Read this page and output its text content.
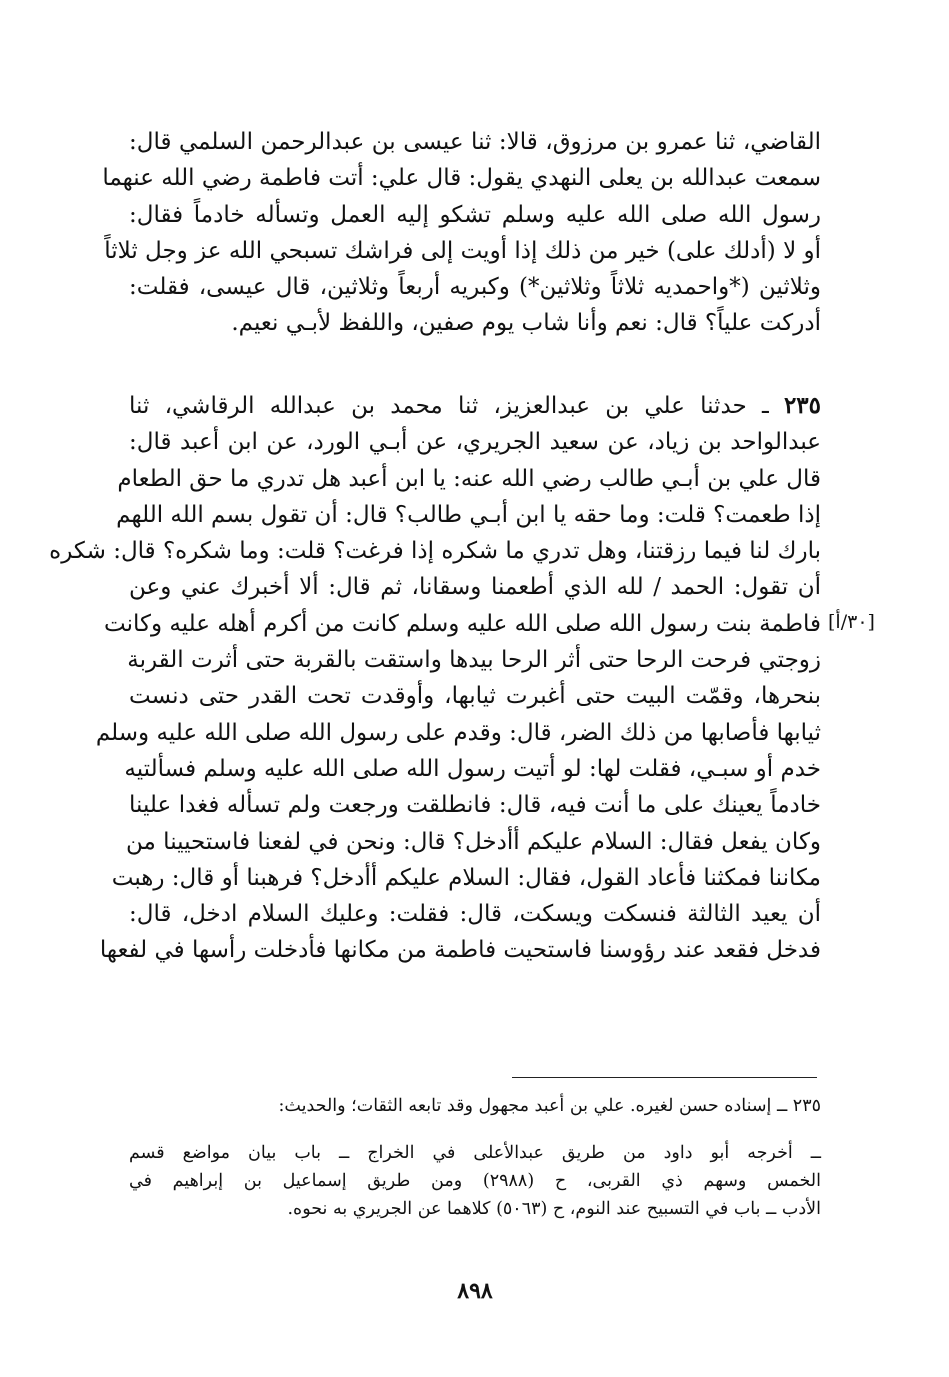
القاضي، ثنا عمرو بن مرزوق، قالا: ثنا عيسى بن عبدالرحمن السلمي قال:
سمعت عبدالله بن يعلى النهدي يقول: قال علي: أتت فاطمة رضي الله عنهما
رسول الله صلى الله عليه وسلم تشكو إليه العمل وتسأله خادماً فقال:
أو لا (أدلك على) خير من ذلك إذا أويت إلى فراشك تسبحي الله عز وجل ثلاثاً
وثلاثين (*واحمديه ثلاثاً وثلاثين*) وكبريه أربعاً وثلاثين، قال عيسى، فقلت:
أدركت علياً؟ قال: نعم وأنا شاب يوم صفين، واللفظ لأبـي نعيم.
٢٣٥ ـ حدثنا علي بن عبدالعزيز، ثنا محمد بن عبدالله الرقاشي، ثنا
عبدالواحد بن زياد، عن سعيد الجريري، عن أبـي الورد، عن ابن أعبد قال:
قال علي بن أبـي طالب رضي الله عنه: يا ابن أعبد هل تدري ما حق الطعام
إذا طعمت؟ قلت: وما حقه يا ابن أبـي طالب؟ قال: أن تقول بسم الله اللهم
بارك لنا فيما رزقتنا، وهل تدري ما شكره إذا فرغت؟ قلت: وما شكره؟ قال: شكره
أن تقول: الحمد / لله الذي أطعمنا وسقانا، ثم قال: ألا أخبرك عني وعن
فاطمة بنت رسول الله صلى الله عليه وسلم كانت من أكرم أهله عليه وكانت
زوجتي فرحت الرحا حتى أثر الرحا بيدها واستقت بالقربة حتى أثرت القربة
بنحرها، وقمّت البيت حتى أغبرت ثيابها، وأوقدت تحت القدر حتى دنست
ثيابها فأصابها من ذلك الضر، قال: وقدم على رسول الله صلى الله عليه وسلم
خدم أو سبـي، فقلت لها: لو أتيت رسول الله صلى الله عليه وسلم فسألتيه
خادماً يعينك على ما أنت فيه، قال: فانطلقت ورجعت ولم تسأله فغدا علينا
وكان يفعل فقال: السلام عليكم أأدخل؟ قال: ونحن في لفعنا فاستحيينا من
مكاننا فمكثنا فأعاد القول، فقال: السلام عليكم أأدخل؟ فرهبنا أو قال: رهبت
أن يعيد الثالثة فنسكت ويسكت، قال: فقلت: وعليك السلام ادخل، قال:
فدخل فقعد عند رؤوسنا فاستحيت فاطمة من مكانها فأدخلت رأسها في لفعها
[٣٠/أ]
٢٣٥ ــ إسناده حسن لغيره. علي بن أعبد مجهول وقد تابعه الثقات؛ والحديث:
ــ أخرجه أبو داود من طريق عبدالأعلى في الخراج ــ باب بيان مواضع قسم
الخمس وسهم ذي القربى، ح (٢٩٨٨) ومن طريق إسماعيل بن إبراهيم في
الأدب ــ باب في التسبيح عند النوم، ح (٥٠٦٣) كلاهما عن الجريري به نحوه.
٨٩٨
